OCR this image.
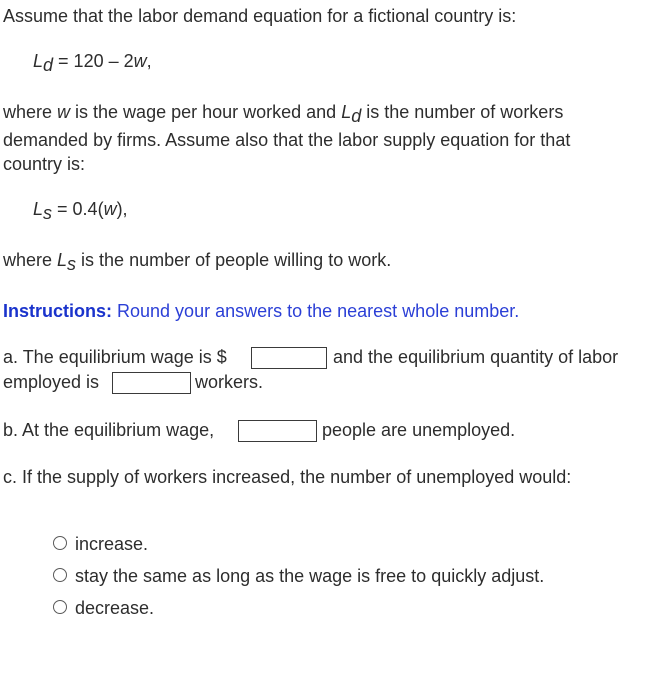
Assume that the labor demand equation for a fictional country is:
Ld = 120 – 2w,
where w is the wage per hour worked and Ld is the number of workers
demanded by firms. Assume also that the labor supply equation for that
country is:
Ls = 0.4(w),
where Ls is the number of people willing to work.
Instructions: Round your answers to the nearest whole number.
a. The equilibrium wage is $	and the equilibrium quantity of labor
employed is	workers.
b. At the equilibrium wage,	people are unemployed.
c. If the supply of workers increased, the number of unemployed would:
increase.
stay the same as long as the wage is free to quickly adjust.
decrease.
